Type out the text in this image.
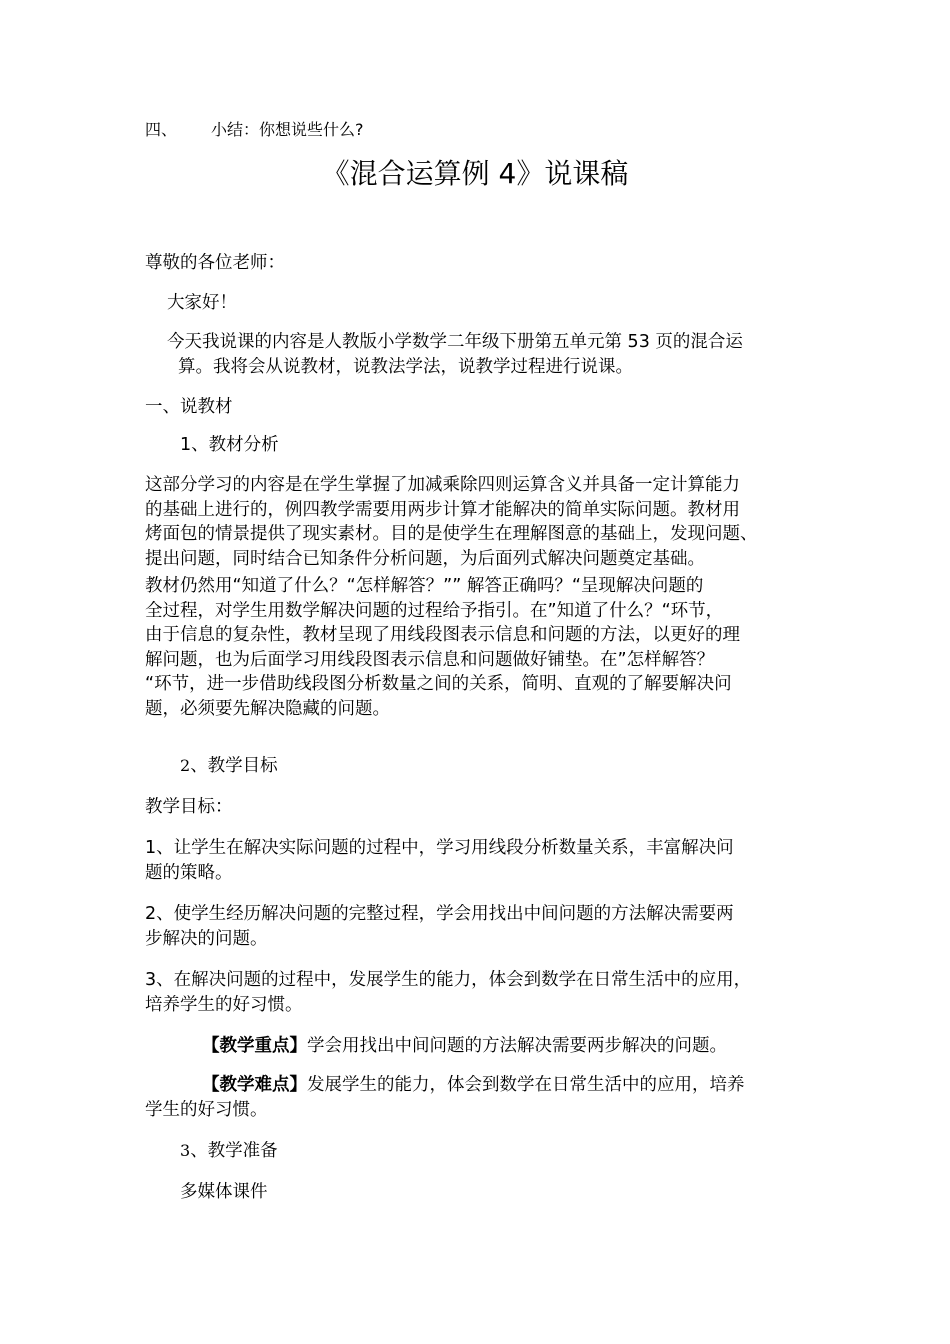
四、 小结：你想说些什么?
《混合运算例 4》说课稿
尊敬的各位老师：
大家好！
今天我说课的内容是人教版小学数学二年级下册第五单元第 53 页的混合运
算。我将会从说教材，说教法学法，说教学过程进行说课。
一、说教材
1、教材分析
这部分学习的内容是在学生掌握了加减乘除四则运算含义并具备一定计算能力
的基础上进行的，例四教学需要用两步计算才能解决的简单实际问题。教材用
烤面包的情景提供了现实素材。目的是使学生在理解图意的基础上，发现问题、
提出问题，同时结合已知条件分析问题，为后面列式解决问题奠定基础。
教材仍然用“知道了什么？“怎样解答？”” 解答正确吗？“呈现解决问题的
全过程，对学生用数学解决问题的过程给予指引。在”知道了什么？“环节，
由于信息的复杂性，教材呈现了用线段图表示信息和问题的方法，以更好的理
解问题，也为后面学习用线段图表示信息和问题做好铺垫。在”怎样解答？
“环节，进一步借助线段图分析数量之间的关系，简明、直观的了解要解决问
题，必须要先解决隐藏的问题。
2、教学目标
教学目标：
1、让学生在解决实际问题的过程中，学习用线段分析数量关系，丰富解决问
题的策略。
2、使学生经历解决问题的完整过程，学会用找出中间问题的方法解决需要两
步解决的问题。
3、在解决问题的过程中，发展学生的能力，体会到数学在日常生活中的应用，
培养学生的好习惯。
【教学重点】学会用找出中间问题的方法解决需要两步解决的问题。
【教学难点】发展学生的能力，体会到数学在日常生活中的应用，培养
学生的好习惯。
3、教学准备
多媒体课件
